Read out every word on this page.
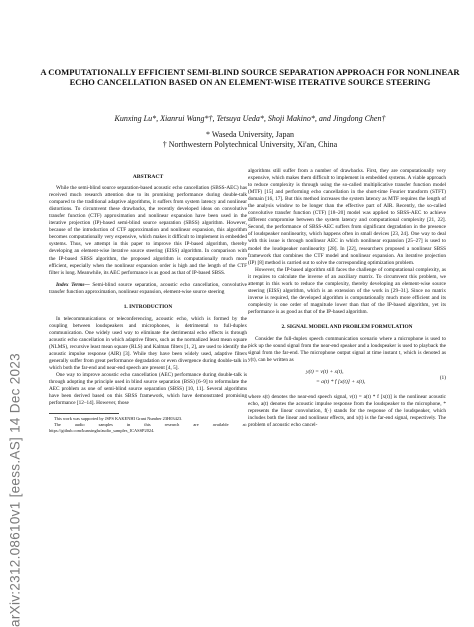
arXiv:2312.08610v1 [eess.AS] 14 Dec 2023
A COMPUTATIONALLY EFFICIENT SEMI-BLIND SOURCE SEPARATION APPROACH FOR NONLINEAR ECHO CANCELLATION BASED ON AN ELEMENT-WISE ITERATIVE SOURCE STEERING
Kunxing Lu*, Xianrui Wang*†, Tetsuya Ueda*, Shoji Makino*, and Jingdong Chen†
* Waseda University, Japan
† Northwestern Polytechnical University, Xi'an, China
ABSTRACT

While the semi-blind source separation-based acoustic echo cancellation (SBSS-AEC) has received much research attention due to its promising performance during double-talk compared to the traditional adaptive algorithms, it suffers from system latency and nonlinear distortions. To circumvent these drawbacks, the recently developed ideas on convolutive transfer function (CTF) approximation and nonlinear expansion have been used in the iterative projection (IP)-based semi-blind source separation (SBSS) algorithm. However, because of the introduction of CTF approximation and nonlinear expansion, this algorithm becomes computationally very expensive, which makes it difficult to implement in embedded systems. Thus, we attempt in this paper to improve this IP-based algorithm, thereby developing an element-wise iterative source steering (EISS) algorithm. In comparison with the IP-based SBSS algorithm, the proposed algorithm is computationally much more efficient, especially when the nonlinear expansion order is high and the length of the CTF filter is long. Meanwhile, its AEC performance is as good as that of IP-based SBSS.

Index Terms— Semi-blind source separation, acoustic echo cancellation, convolutive transfer function approximation, nonlinear expansion, element-wise source steering

1. INTRODUCTION

In telecommunications or teleconferencing, acoustic echo, which is formed by the coupling between loudspeakers and microphones, is detrimental to full-duplex communication. One widely used way to eliminate the detrimental echo effects is through acoustic echo cancellation in which adaptive filters, such as the normalized least mean square (NLMS), recursive least mean square (RLS) and Kalman filters [1, 2], are used to identify the acoustic impulse response (AIR) [3]. While they have been widely used, adaptive filters generally suffer from great performance degradation or even divergence during double-talk in which both the far-end and near-end speech are present [4, 5].

One way to improve acoustic echo cancellation (AEC) performance during double-talk is through adopting the principle used in blind source separation (BSS) [6–9] to reformulate the AEC problem as one of semi-blind source separation (SBSS) [10, 11]. Several algorithms have been derived based on this SBSS framework, which have demonstrated promising performance [12–14]. However, those

This work was supported by JSPS KAKENHI Grant Number 23H03423.
The audio samples in this research are available at: https://github.com/kunxinglu/audio_samples_ICASSP2024.

algorithms still suffer from a number of drawbacks. First, they are computationally very expensive, which makes them difficult to implement in embedded systems. A viable approach to reduce complexity is through using the so-called multiplicative transfer function model (MTF) [15] and performing echo cancellation in the short-time Fourier transform (STFT) domain [16, 17]. But this method increases the system latency as MTF requires the length of the analysis window to be longer than the effective part of AIR. Recently, the so-called convolutive transfer function (CTF) [18–20] model was applied to SBSS-AEC to achieve different compromise between the system latency and computational complexity [21, 22]. Second, the performance of SBSS-AEC suffers from significant degradation in the presence of loudspeaker nonlinearity, which happens often in small devices [23, 24]. One way to deal with this issue is through nonlinear AEC in which nonlinear expansion [25–27] is used to model the loudspeaker nonlinearity [28]. In [22], researchers proposed a nonlinear SBSS framework that combines the CTF model and nonlinear expansion. An iterative projection (IP) [8] method is carried out to solve the corresponding optimization problem.

However, the IP-based algorithm still faces the challenge of computational complexity, as it requires to calculate the inverse of an auxiliary matrix. To circumvent this problem, we attempt in this work to reduce the complexity, thereby developing an element-wise source steering (EISS) algorithm, which is an extension of the work in [29–31]. Since no matrix inverse is required, the developed algorithm is computationally much more efficient and its complexity is one order of magnitude lower than that of the IP-based algorithm, yet its performance is as good as that of the IP-based algorithm.

2. SIGNAL MODEL AND PROBLEM FORMULATION

Consider the full-duplex speech communication scenario where a microphone is used to pick up the sound signal from the near-end speaker and a loudspeaker is used to playback the signal from the far-end. The microphone output signal at time instant t, which is denoted as y(t), can be written as

y(t) = v(t) + s(t),
= a(t) * f [x(t)] + s(t),
(1)

where s(t) denotes the near-end speech signal, v(t) = a(t) * f [x(t)] is the nonlinear acoustic echo, a(t) denotes the acoustic impulse response from the loudspeaker to the microphone, * represents the linear convolution, f(·) stands for the response of the loudspeaker, which includes both the linear and nonlinear effects, and x(t) is the far-end signal, respectively. The problem of acoustic echo cancel-
